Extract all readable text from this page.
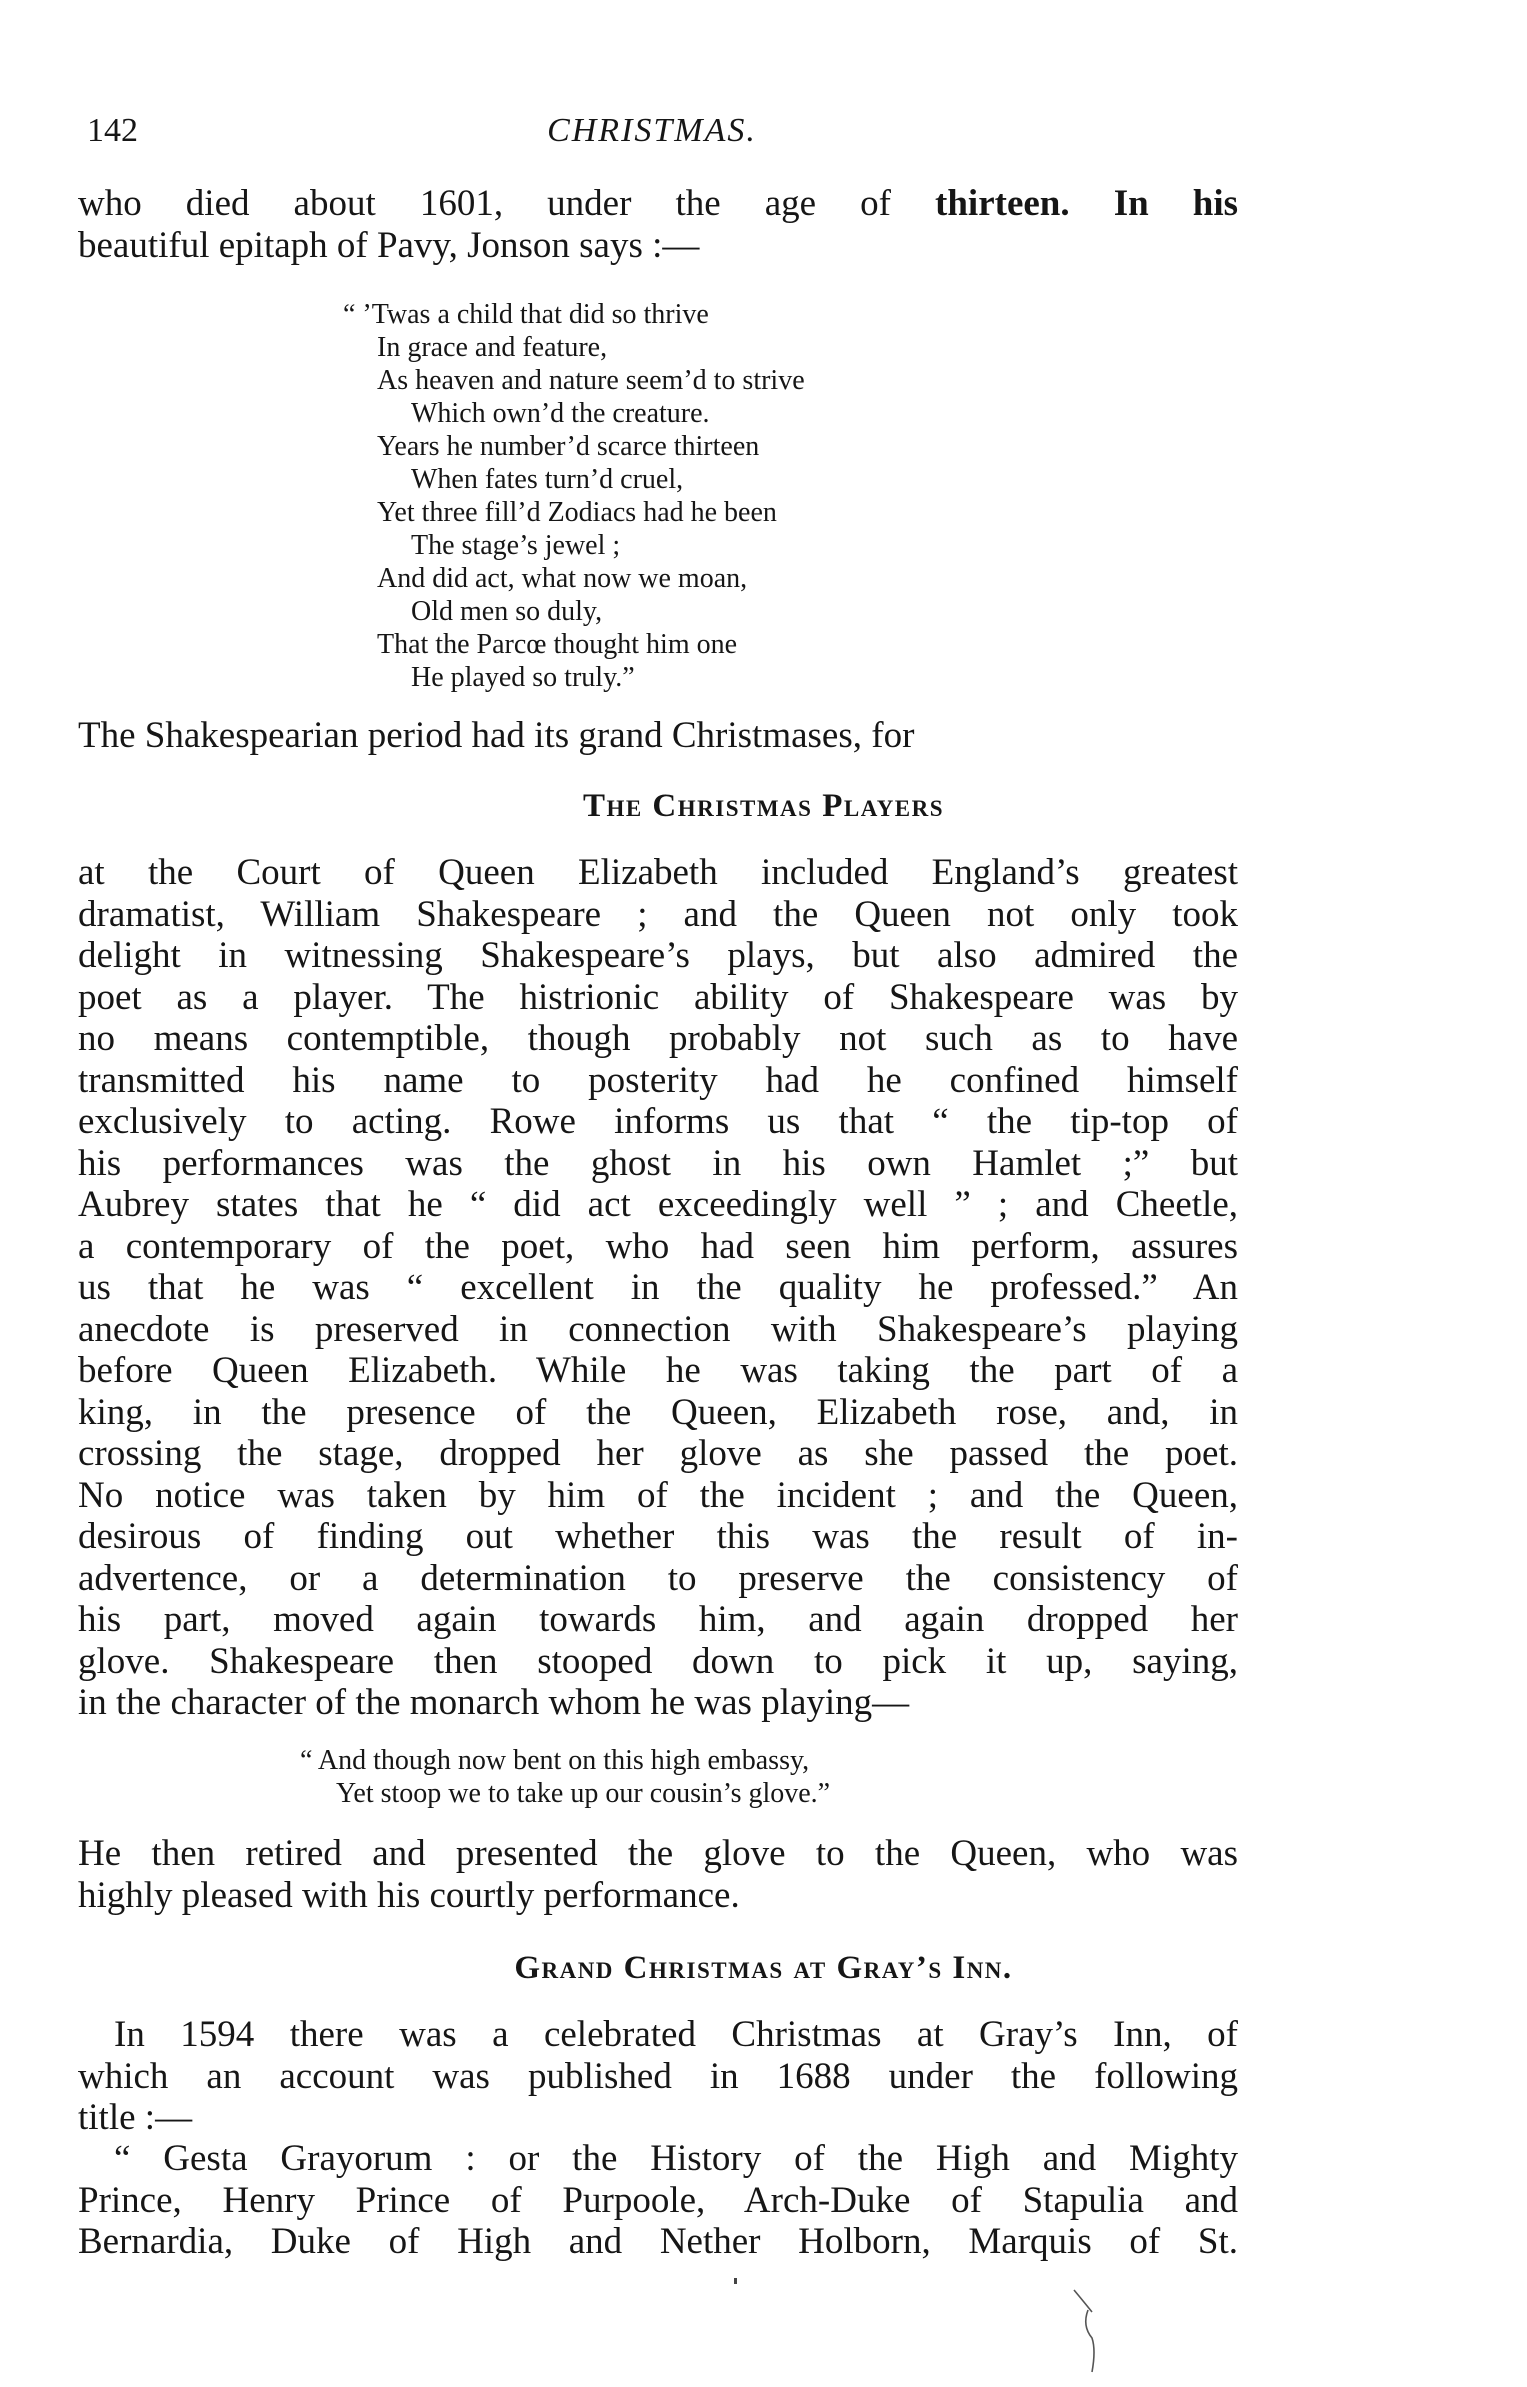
142	CHRISTMAS.

who died about 1601, under the age of thirteen. In his
beautiful epitaph of Pavy, Jonson says :—

“ ’Twas a child that did so thrive
In grace and feature,
As heaven and nature seem’d to strive
Which own’d the creature.
Years he number’d scarce thirteen
When fates turn’d cruel,
Yet three fill’d Zodiacs had he been
The stage’s jewel ;
And did act, what now we moan,
Old men so duly,
That the Parcœ thought him one
He played so truly.”

The Shakespearian period had its grand Christmases, for

The Christmas Players

at the Court of Queen Elizabeth included England’s greatest
dramatist, William Shakespeare ; and the Queen not only took
delight in witnessing Shakespeare’s plays, but also admired the
poet as a player. The histrionic ability of Shakespeare was by
no means contemptible, though probably not such as to have
transmitted his name to posterity had he confined himself
exclusively to acting. Rowe informs us that “ the tip-top of
his performances was the ghost in his own Hamlet ;” but
Aubrey states that he “ did act exceedingly well ” ; and Cheetle,
a contemporary of the poet, who had seen him perform, assures
us that he was “ excellent in the quality he professed.” An
anecdote is preserved in connection with Shakespeare’s playing
before Queen Elizabeth. While he was taking the part of a
king, in the presence of the Queen, Elizabeth rose, and, in
crossing the stage, dropped her glove as she passed the poet.
No notice was taken by him of the incident ; and the Queen,
desirous of finding out whether this was the result of in-
advertence, or a determination to preserve the consistency of
his part, moved again towards him, and again dropped her
glove. Shakespeare then stooped down to pick it up, saying,
in the character of the monarch whom he was playing—

“ And though now bent on this high embassy,
Yet stoop we to take up our cousin’s glove.”

He then retired and presented the glove to the Queen, who was
highly pleased with his courtly performance.

Grand Christmas at Gray’s Inn.

In 1594 there was a celebrated Christmas at Gray’s Inn, of
which an account was published in 1688 under the following
title :—

“ Gesta Grayorum : or the History of the High and Mighty
Prince, Henry Prince of Purpoole, Arch-Duke of Stapulia and
Bernardia, Duke of High and Nether Holborn, Marquis of St.
